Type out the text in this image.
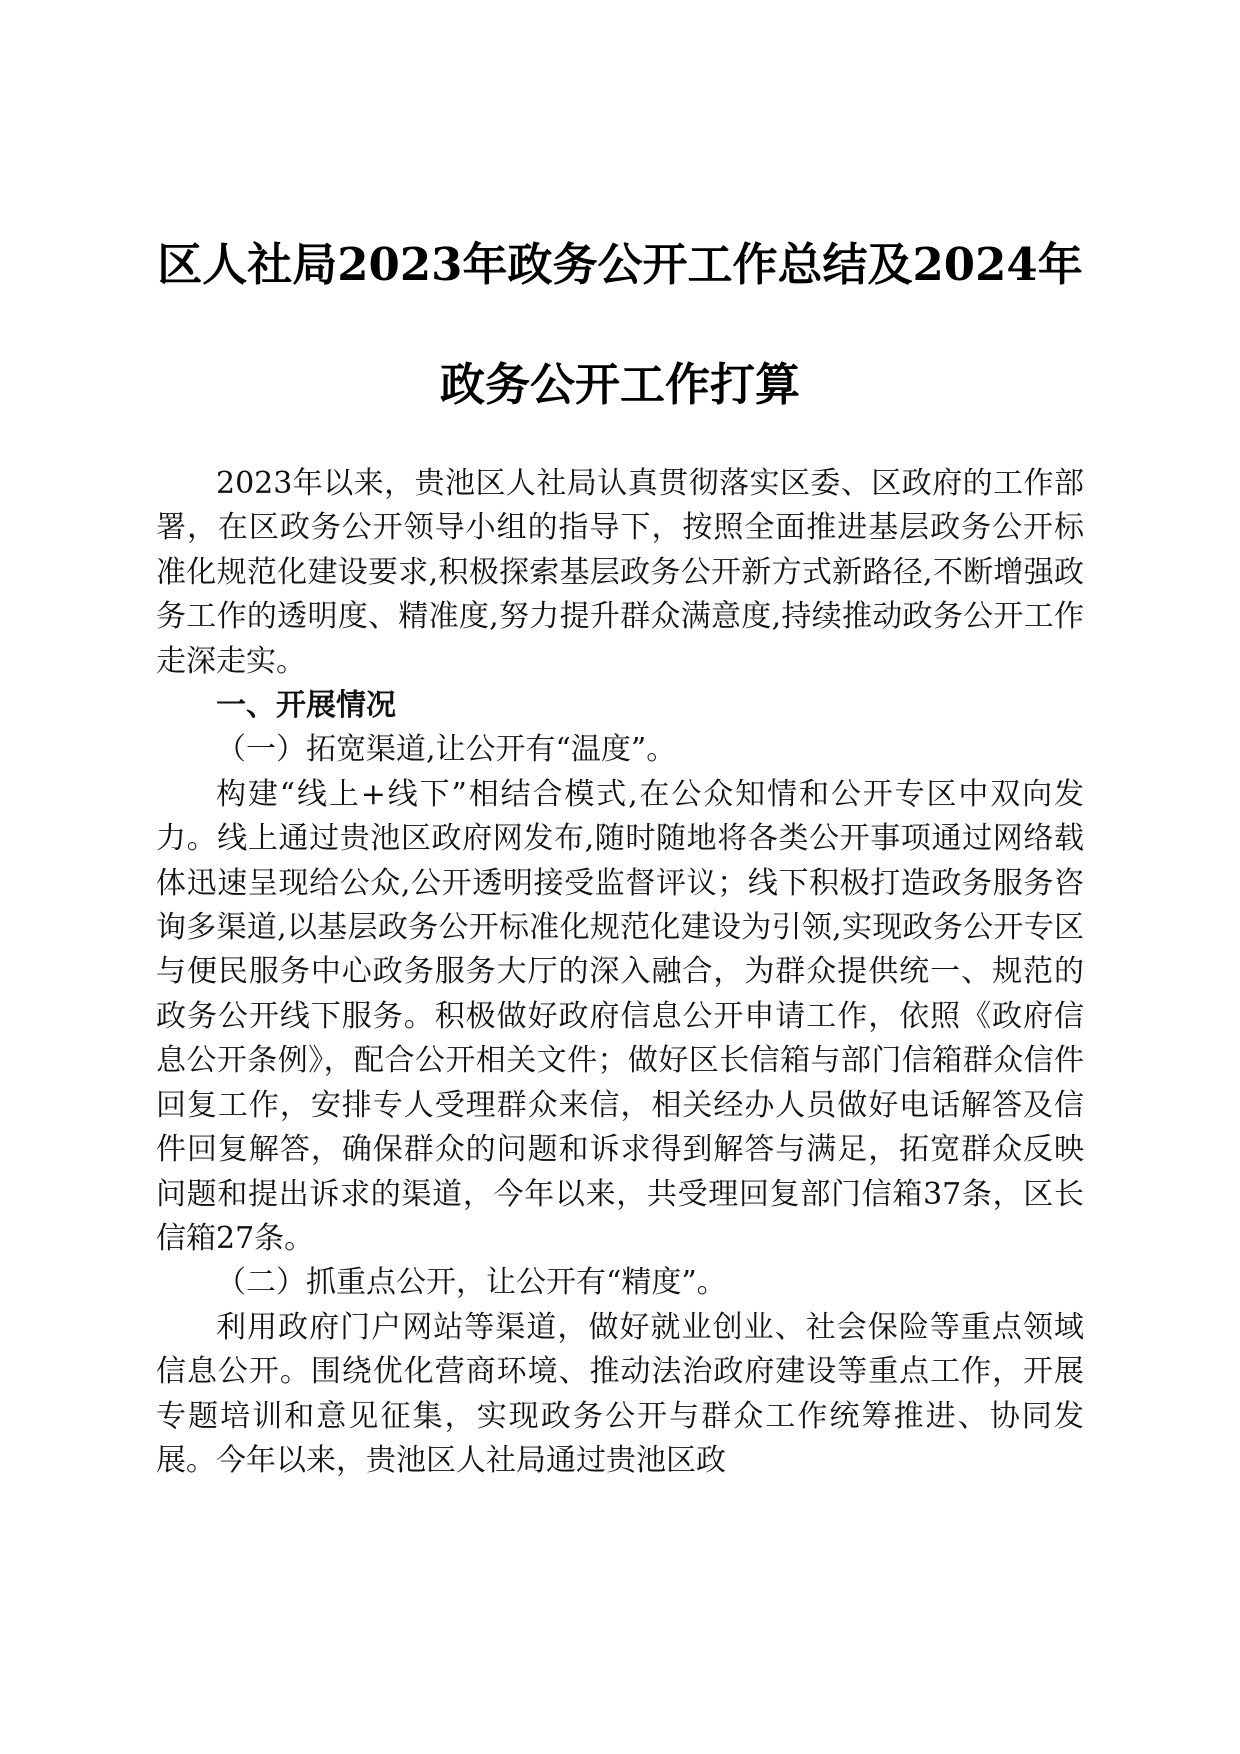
区人社局2023年政务公开工作总结及2024年
政务公开工作打算

2023年以来，贵池区人社局认真贯彻落实区委、区政府的工作部署，在区政务公开领导小组的指导下，按照全面推进基层政务公开标准化规范化建设要求,积极探索基层政务公开新方式新路径,不断增强政务工作的透明度、精准度,努力提升群众满意度,持续推动政务公开工作走深走实。

一、开展情况

（一）拓宽渠道,让公开有“温度”。

构建“线上+线下”相结合模式,在公众知情和公开专区中双向发力。线上通过贵池区政府网发布,随时随地将各类公开事项通过网络载体迅速呈现给公众,公开透明接受监督评议；线下积极打造政务服务咨询多渠道,以基层政务公开标准化规范化建设为引领,实现政务公开专区与便民服务中心政务服务大厅的深入融合，为群众提供统一、规范的政务公开线下服务。积极做好政府信息公开申请工作，依照《政府信息公开条例》，配合公开相关文件；做好区长信箱与部门信箱群众信件回复工作，安排专人受理群众来信，相关经办人员做好电话解答及信件回复解答，确保群众的问题和诉求得到解答与满足，拓宽群众反映问题和提出诉求的渠道，今年以来，共受理回复部门信箱37条，区长信箱27条。

（二）抓重点公开，让公开有“精度”。

利用政府门户网站等渠道，做好就业创业、社会保险等重点领域信息公开。围绕优化营商环境、推动法治政府建设等重点工作，开展专题培训和意见征集，实现政务公开与群众工作统筹推进、协同发展。今年以来，贵池区人社局通过贵池区政
